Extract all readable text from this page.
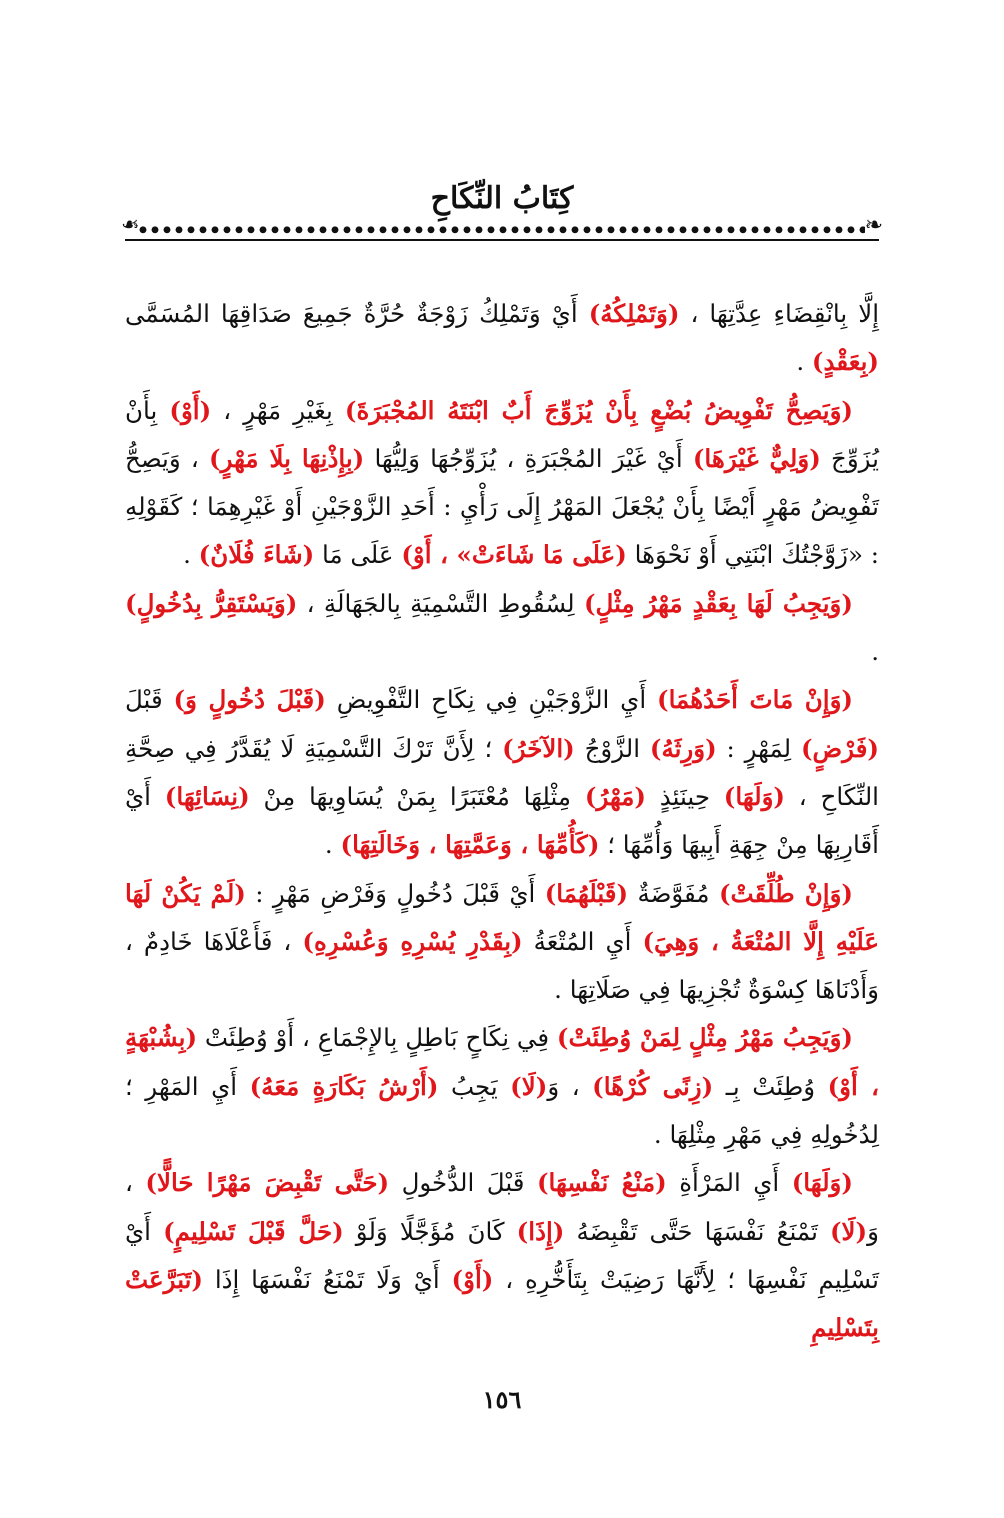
كِتَابُ النِّكَاحِ
❧ ❧

إِلَّا بِانْقِضَاءِ عِدَّتِهَا ، (وَتَمْلِكُهُ) أَيْ وَتَمْلِكُ زَوْجَةٌ حُرَّةٌ جَمِيعَ صَدَاقِهَا المُسَمَّى (بِعَقْدٍ) .

(وَيَصِحُّ تَفْوِيضُ بُضْعٍ بِأَنْ يُزَوِّجَ أَبٌ ابْنَتَهُ المُجْبَرَةَ) بِغَيْرِ مَهْرٍ ، (أَوْ) بِأَنْ يُزَوِّجَ (وَلِيٌّ غَيْرَهَا) أَيْ غَيْرَ المُجْبَرَةِ ، يُزَوِّجُهَا وَلِيُّهَا (بِإِذْنِهَا بِلَا مَهْرٍ) ، وَيَصِحُّ تَفْوِيضُ مَهْرٍ أَيْضًا بِأَنْ يُجْعَلَ المَهْرُ إِلَى رَأْيِ : أَحَدِ الزَّوْجَيْنِ أَوْ غَيْرِهِمَا ؛ كَقَوْلِهِ : «زَوَّجْتُكَ ابْنَتِي أَوْ نَحْوَهَا (عَلَى مَا شَاءَتْ» ، أَوْ) عَلَى مَا (شَاءَ فُلَانٌ) .

(وَيَجِبُ لَهَا بِعَقْدٍ مَهْرُ مِثْلٍ) لِسُقُوطِ التَّسْمِيَةِ بِالجَهَالَةِ ، (وَيَسْتَقِرُّ بِدُخُولٍ) .

(وَإِنْ مَاتَ أَحَدُهُمَا) أَيِ الزَّوْجَيْنِ فِي نِكَاحِ التَّفْوِيضِ (قَبْلَ دُخُولٍ وَ) قَبْلَ (فَرْضٍ) لِمَهْرٍ : (وَرِثَهُ) الزَّوْجُ (الآخَرُ) ؛ لِأَنَّ تَرْكَ التَّسْمِيَةِ لَا يُقَدَّرُ فِي صِحَّةِ النِّكَاحِ ، (وَلَهَا) حِينَئِذٍ (مَهْرُ) مِثْلِهَا مُعْتَبَرًا بِمَنْ يُسَاوِيهَا مِنْ (نِسَائِهَا) أَيْ أَقَارِبِهَا مِنْ جِهَةِ أَبِيهَا وَأُمِّهَا ؛ (كَأُمِّهَا ، وَعَمَّتِهَا ، وَخَالَتِهَا) .

(وَإِنْ طُلِّقَتْ) مُفَوَّضَةٌ (قَبْلَهُمَا) أَيْ قَبْلَ دُخُولٍ وَفَرْضِ مَهْرٍ : (لَمْ يَكُنْ لَهَا عَلَيْهِ إِلَّا المُتْعَةُ ، وَهِيَ) أَيِ المُتْعَةُ (بِقَدْرِ يُسْرِهِ وَعُسْرِهِ) ، فَأَعْلَاهَا خَادِمٌ ، وَأَدْنَاهَا كِسْوَةٌ تُجْزِيهَا فِي صَلَاتِهَا .

(وَيَجِبُ مَهْرُ مِثْلٍ لِمَنْ وُطِئَتْ) فِي نِكَاحٍ بَاطِلٍ بِالإِجْمَاعِ ، أَوْ وُطِئَتْ (بِشُبْهَةٍ ، أَوْ) وُطِئَتْ بِـ (زِنًى كُرْهًا) ، وَ(لَا) يَجِبُ (أَرْشُ بَكَارَةٍ مَعَهُ) أَيِ المَهْرِ ؛ لِدُخُولِهِ فِي مَهْرِ مِثْلِهَا .

(وَلَهَا) أَيِ المَرْأَةِ (مَنْعُ نَفْسِهَا) قَبْلَ الدُّخُولِ (حَتَّى تَقْبِضَ مَهْرًا حَالًّا) ، وَ(لَا) تَمْنَعُ نَفْسَهَا حَتَّى تَقْبِضَهُ (إِذَا) كَانَ مُؤَجَّلًا وَلَوْ (حَلَّ قَبْلَ تَسْلِيمٍ) أَيْ تَسْلِيمِ نَفْسِهَا ؛ لِأَنَّهَا رَضِيَتْ بِتَأَخُّرِهِ ، (أَوْ) أَيْ وَلَا تَمْنَعُ نَفْسَهَا إِذَا (تَبَرَّعَتْ بِتَسْلِيمِ

١٥٦
